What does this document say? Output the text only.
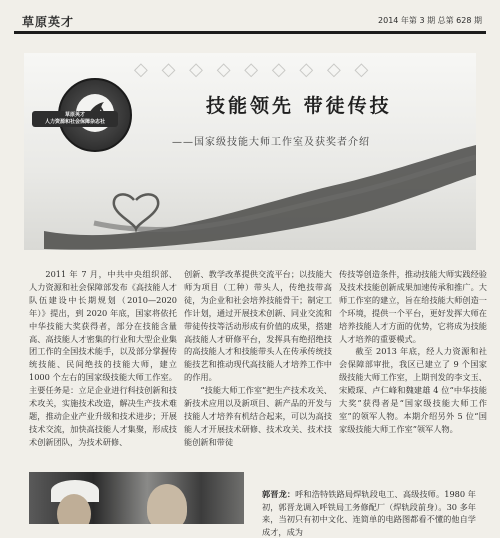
草原英才	2014 年第 3 期 总第 628 期
◇ ◇ ◇ ◇ ◇ ◇ ◇ ◇ ◇
草原英才
人力资源和社会保障杂志社
技能领先 带徒传技
——国家级技能大师工作室及获奖者介绍

2011 年 7 月，中共中央组织部、人力资源和社会保障部发布《高技能人才队伍建设中长期规划（2010—2020 年）》提出，到 2020 年底，国家将依托中华技能大奖获得者，部分在技能含量高、高技能人才密集的行业和大型企业集团工作的全国技术能手，以及部分掌握传统技能、民间绝技的技能大师，建立 1000 个左右的国家级技能大师工作室。主要任务是：立足企业进行科技创新和技术攻关，实施技术改造，解决生产技术难题，推动企业产业升级和技术进步；开展技术交流，加快高技能人才集聚，形成技术创新团队，为技术研修、

创新、教学改革提供交流平台；以技能大师为项目（工种）带头人，传绝技带高徒，为企业和社会培养技能骨干；制定工作计划，通过开展技术创新、同业交流和带徒传技等活动形成有价值的成果，搭建高技能人才研修平台，发挥具有绝招绝技的高技能人才和技能带头人在传承传统技能技艺和推动现代高技能人才培养工作中的作用。

“技能大师工作室”把生产技术攻关、新技术应用以及新项目、新产品的开发与技能人才培养有机结合起来，可以为高技能人才开展技术研修、技术攻关、技术技能创新和带徒

传技等创造条件，推动技能大师实践经验及技术技能创新成果加速传承和推广。大师工作室的建立，旨在给技能大师创造一个环境，提供一个平台，更好发挥大师在培养技能人才方面的优势，它将成为技能人才培养的重要模式。

截至 2013 年底，经人力资源和社会保障部审批，我区已建立了 9 个国家级技能大师工作室，上期刊发的李文玉、宋殿琛、卢仁峰和魏建雄 4 位“中华技能大奖”获得者是“国家级技能大师工作室”的领军人物。本期介绍另外 5 位“国家级技能大师工作室”领军人物。

郭晋龙：呼和浩特铁路局焊轨段电工、高级技师。1980 年初，郭晋龙调入呼铁局工务修配厂（焊轨段前身）。30 多年来，当初只有初中文化、连简单的电路图都看不懂的他自学成才，成为
